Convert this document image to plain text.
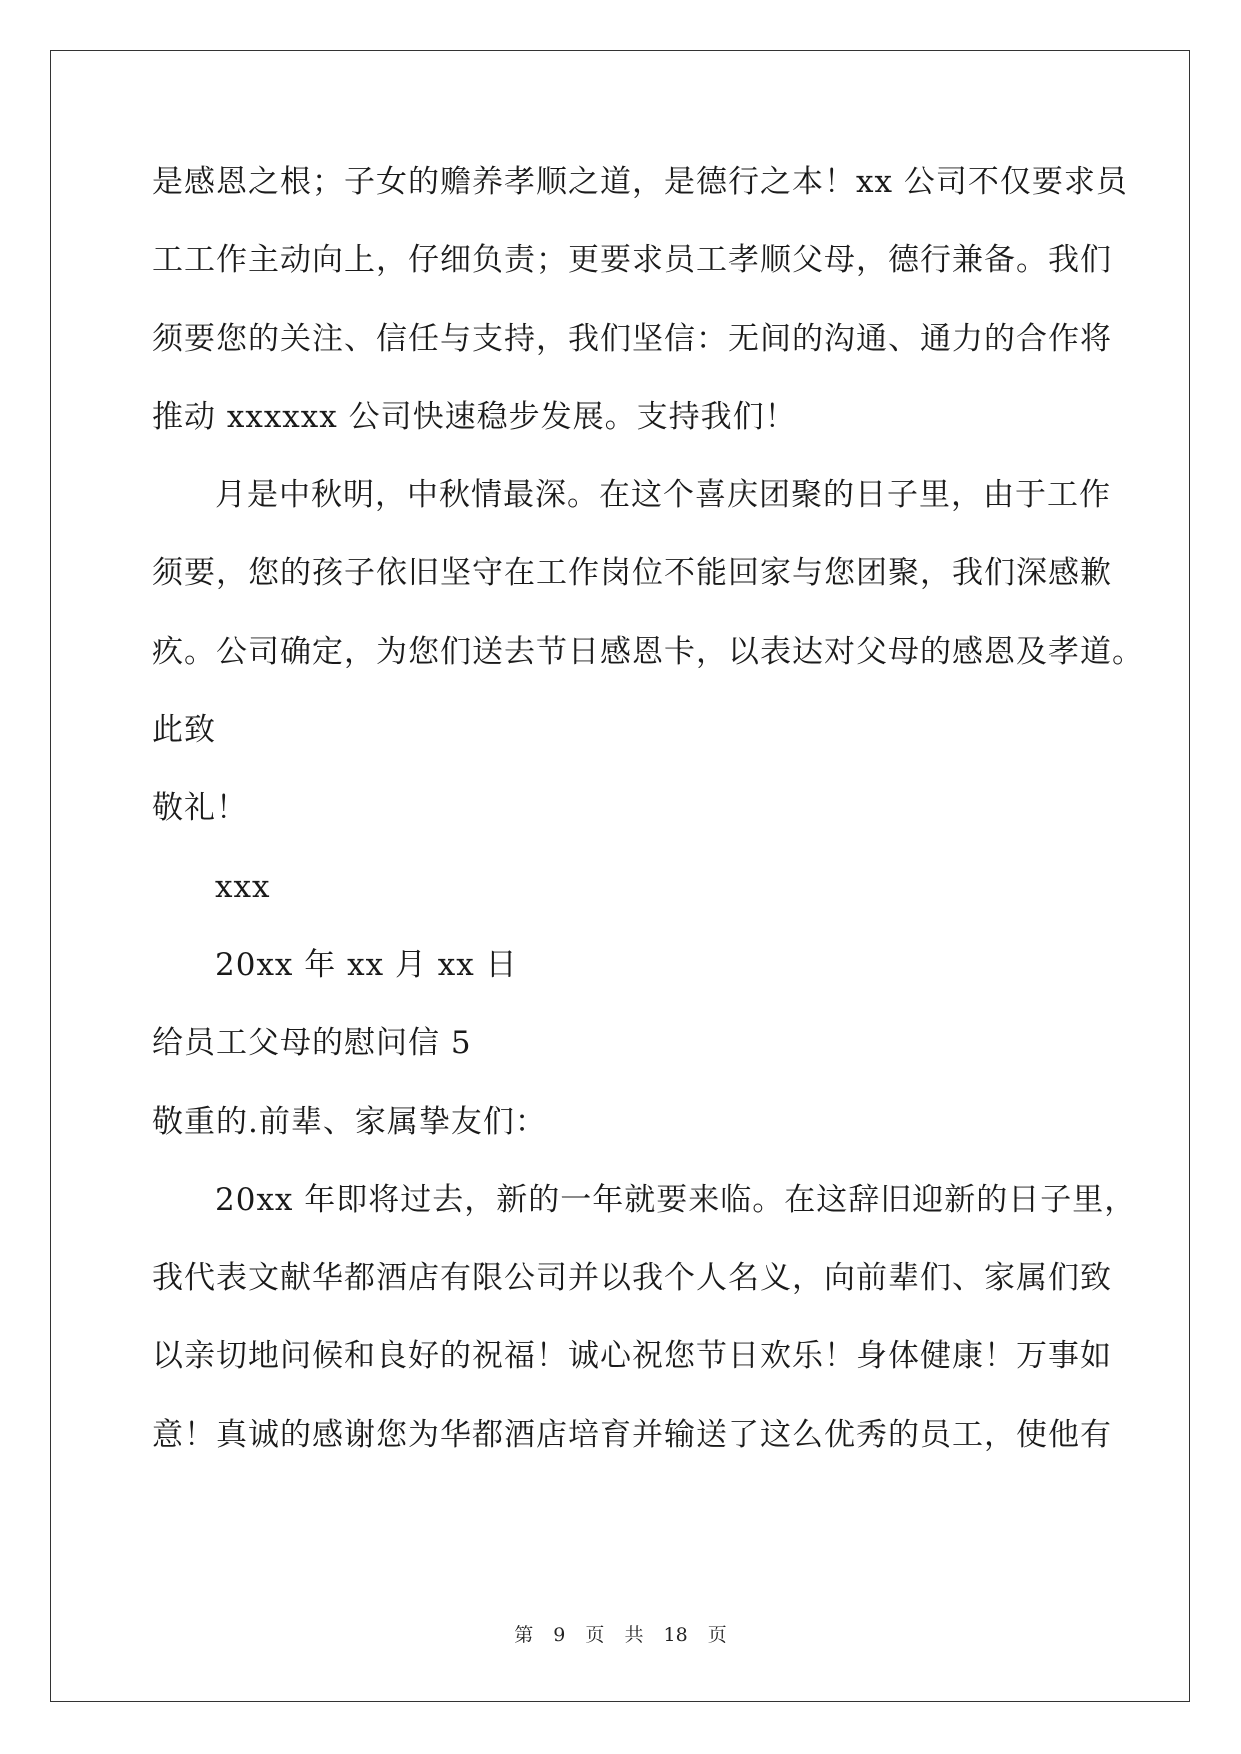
是感恩之根；子女的赡养孝顺之道，是德行之本！xx 公司不仅要求员
工工作主动向上，仔细负责；更要求员工孝顺父母，德行兼备。我们
须要您的关注、信任与支持，我们坚信：无间的沟通、通力的合作将
推动 xxxxxx 公司快速稳步发展。支持我们！
月是中秋明，中秋情最深。在这个喜庆团聚的日子里，由于工作
须要，您的孩子依旧坚守在工作岗位不能回家与您团聚，我们深感歉
疚。公司确定，为您们送去节日感恩卡，以表达对父母的感恩及孝道。
此致
敬礼！
xxx
20xx 年 xx 月 xx 日
给员工父母的慰问信 5
敬重的.前辈、家属挚友们：
20xx 年即将过去，新的一年就要来临。在这辞旧迎新的日子里，
我代表文献华都酒店有限公司并以我个人名义，向前辈们、家属们致
以亲切地问候和良好的祝福！诚心祝您节日欢乐！身体健康！万事如
意！真诚的感谢您为华都酒店培育并输送了这么优秀的员工，使他有
第 9 页 共 18 页
